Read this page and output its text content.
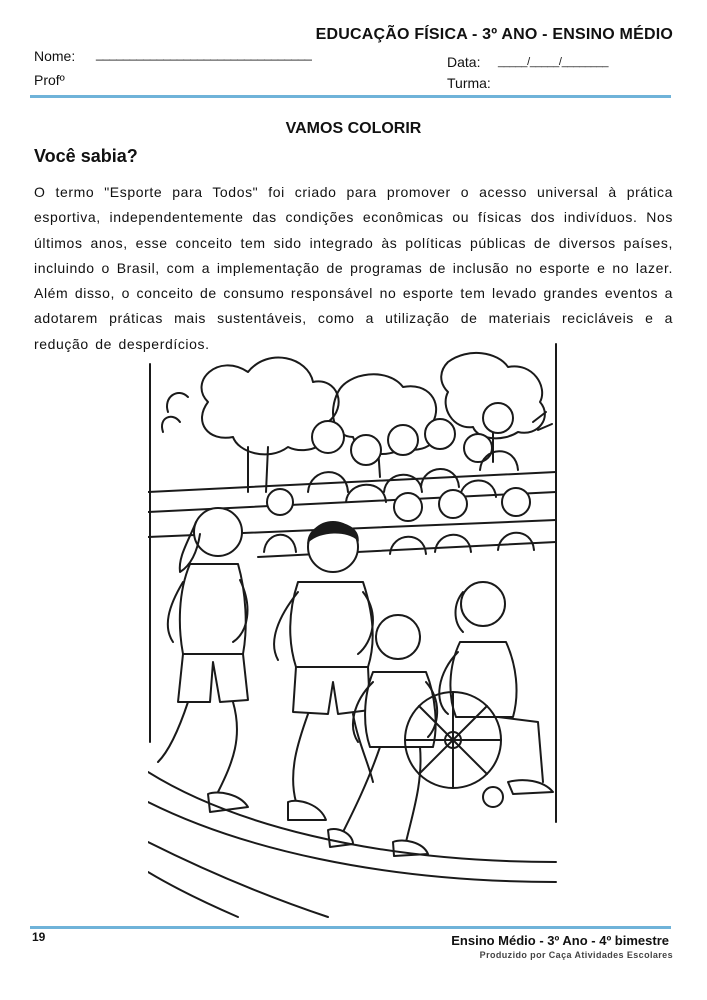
EDUCAÇÃO FÍSICA - 3º ANO - ENSINO MÉDIO
Nome: ________________________________
Profº
Data: _____/_____/________
Turma:
VAMOS COLORIR
Você sabia?
O termo "Esporte para Todos" foi criado para promover o acesso universal à prática esportiva, independentemente das condições econômicas ou físicas dos indivíduos. Nos últimos anos, esse conceito tem sido integrado às políticas públicas de diversos países, incluindo o Brasil, com a implementação de programas de inclusão no esporte e no lazer. Além disso, o conceito de consumo responsável no esporte tem levado grandes eventos a adotarem práticas mais sustentáveis, como a utilização de materiais recicláveis e a redução de desperdícios.
19	Ensino Médio - 3º Ano - 4º bimestre
Produzido por Caça Atividades Escolares
